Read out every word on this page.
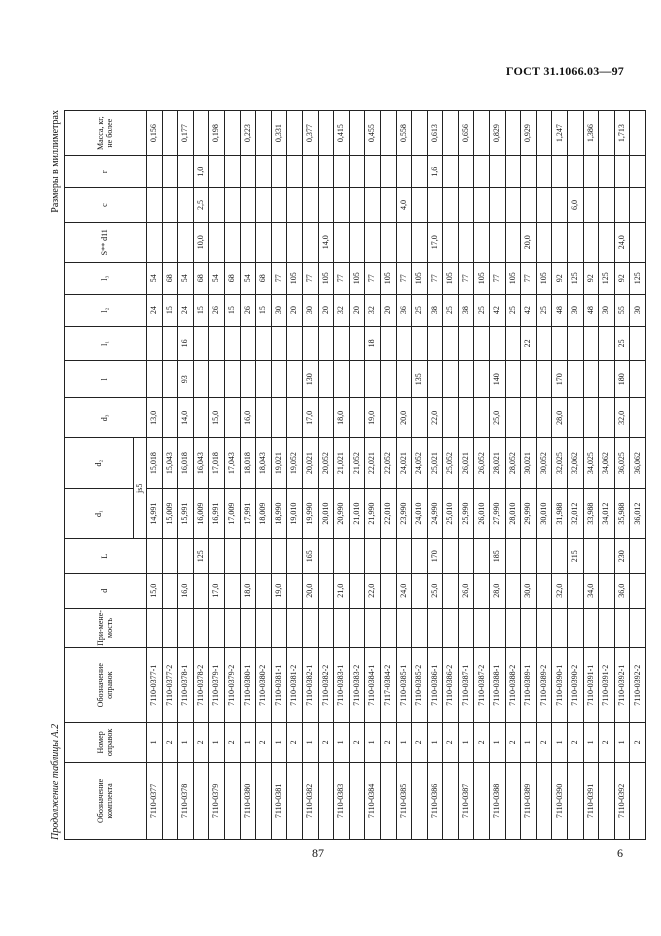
ГОСТ 31.1066.03—97
Продолжение таблицы А.2
Размеры в миллиметрах
Обозначение комплекта	Номер оправок	Обозначение оправок	При-мене-мость	d	L	d₁	d₂	d₃	l	l₁	l₂	l₃	S** d11	c	r	Масса, кг, не более
						js5										
7110-0377	1	7110-0377-1		15,0		14,991	15,018	13,0			24	54				0,156
	2	7110-0377-2				15,009	15,043				15	68				
7110-0378	1	7110-0378-1		16,0		15,991	16,018	14,0	93	16	24	54				0,177
	2	7110-0378-2			125	16,009	16,043				15	68	10,0	2,5	1,0	
7110-0379	1	7110-0379-1		17,0		16,991	17,018	15,0			26	54				0,198
	2	7110-0379-2				17,009	17,043				15	68				
7110-0380	1	7110-0380-1		18,0		17,991	18,018	16,0			26	54				0,223
	2	7110-0380-2				18,009	18,043				15	68				
7110-0381	1	7110-0381-1		19,0		18,990	19,021				30	77				0,331
	2	7110-0381-2				19,010	19,052				20	105				
7110-0382	1	7110-0382-1		20,0	165	19,990	20,021	17,0	130		30	77				0,377
	2	7110-0382-2				20,010	20,052				20	105	14,0			
7110-0383	1	7110-0383-1		21,0		20,990	21,021	18,0			32	77				0,415
	2	7110-0383-2				21,010	21,052				20	105				
7110-0384	1	7110-0384-1		22,0		21,990	22,021	19,0		18	32	77				0,455
	2	7117-0384-2				22,010	22,052				20	105				
7110-0385	1	7110-0385-1		24,0		23,990	24,021	20,0			36	77		4,0		0,558
	2	7110-0385-2				24,010	24,052		135		25	105				
7110-0386	1	7110-0386-1		25,0	170	24,990	25,021	22,0			38	77	17,0		1,6	0,613
	2	7110-0386-2				25,010	25,052				25	105				
7110-0387	1	7110-0387-1		26,0		25,990	26,021				38	77				0,656
	2	7110-0387-2				26,010	26,052				25	105				
7110-0388	1	7110-0388-1		28,0	185	27,990	28,021	25,0	140		42	77				0,829
	2	7110-0388-2				28,010	28,052				25	105				
7110-0389	1	7110-0389-1		30,0		29,990	30,021			22	42	77	20,0			0,929
	2	7110-0389-2				30,010	30,052				25	105				
7110-0390	1	7110-0390-1		32,0		31,988	32,025	28,0	170		48	92				1,247
	2	7110-0390-2			215	32,012	32,062				30	125		6,0		
7110-0391	1	7110-0391-1		34,0		33,988	34,025				48	92				1,386
	2	7110-0391-2				34,012	34,062				30	125				
7110-0392	1	7110-0392-1		36,0	230	35,988	36,025	32,0	180	25	55	92	24,0			1,713
	2	7110-0392-2				36,012	36,062				30	125				
87	6
